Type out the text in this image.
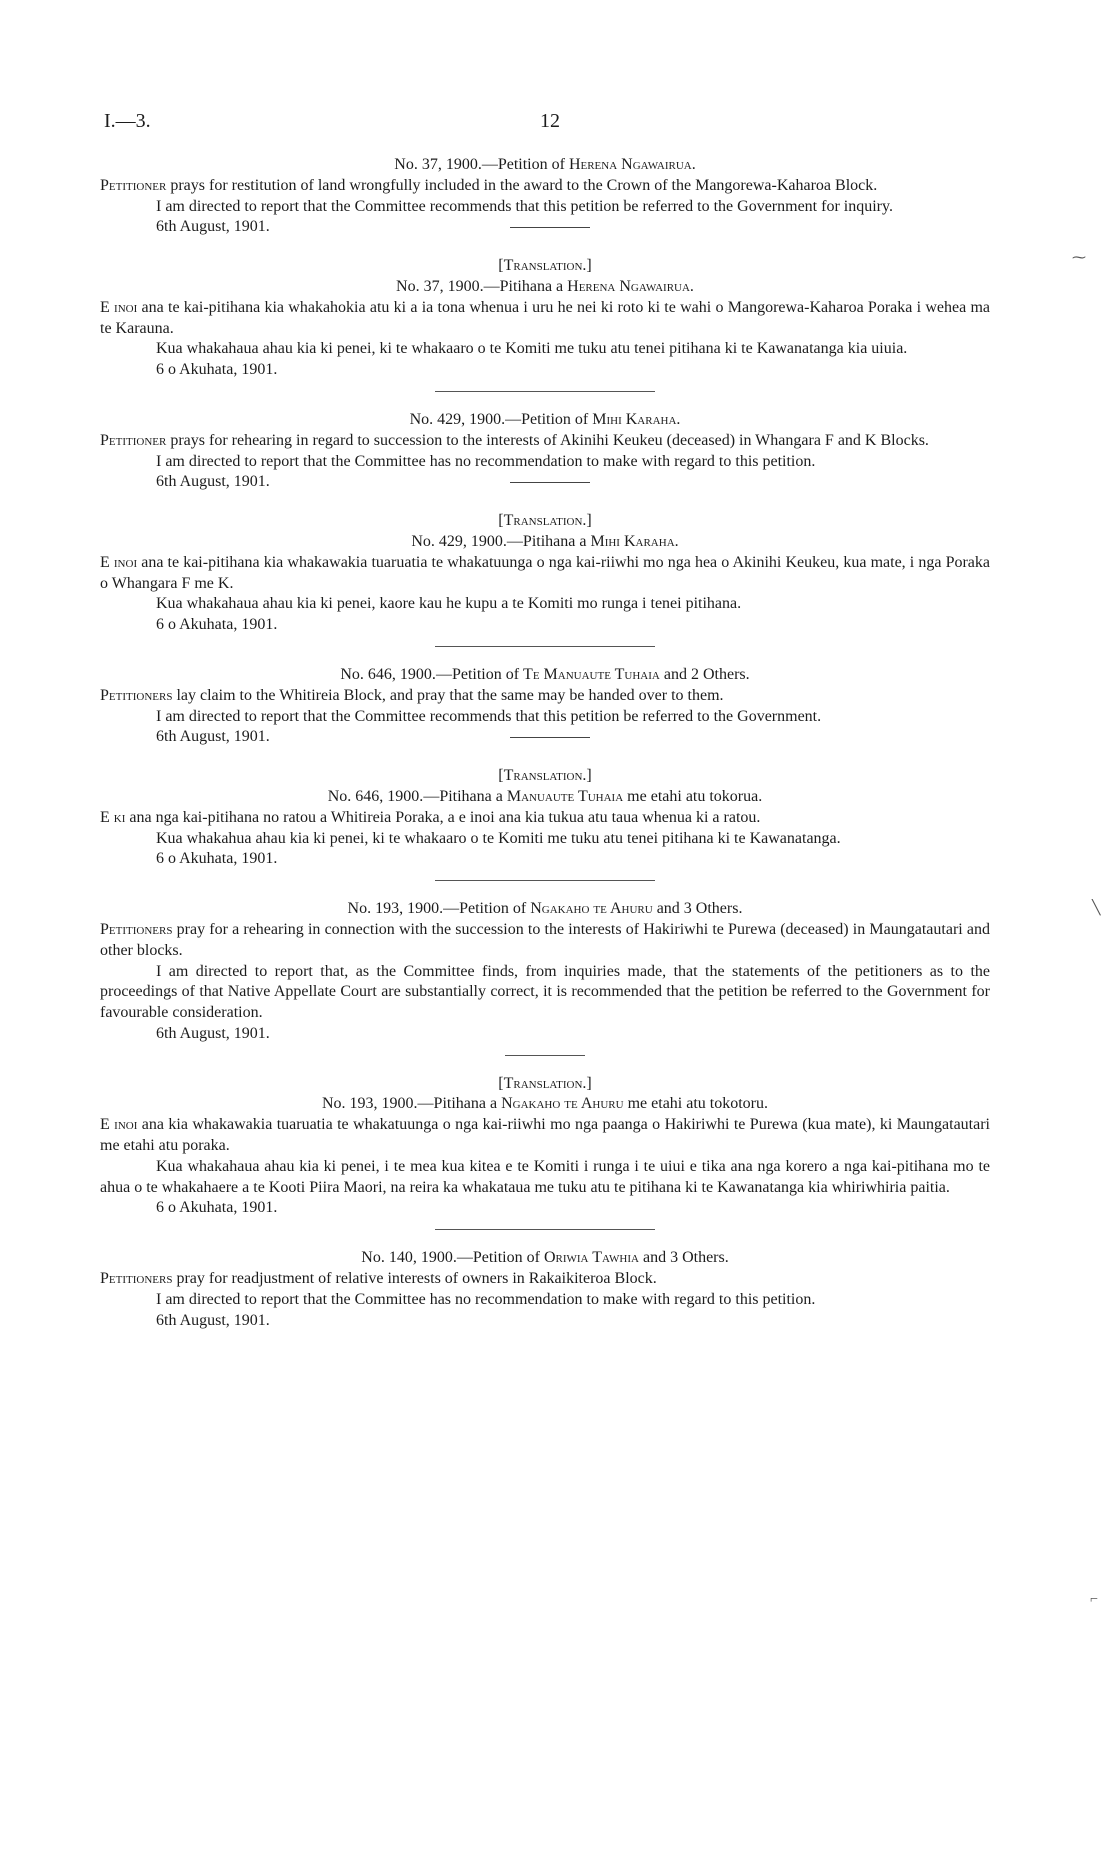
I.—3.	12

No. 37, 1900.—Petition of Herena Ngawairua.

Petitioner prays for restitution of land wrongfully included in the award to the Crown of the Mangorewa-Kaharoa Block.

I am directed to report that the Committee recommends that this petition be referred to the Government for inquiry.

6th August, 1901.

[Translation.]

No. 37, 1900.—Pitihana a Herena Ngawairua.

E inoi ana te kai-pitihana kia whakahokia atu ki a ia tona whenua i uru he nei ki roto ki te wahi o Mangorewa-Kaharoa Poraka i wehea ma te Karauna.

Kua whakahaua ahau kia ki penei, ki te whakaaro o te Komiti me tuku atu tenei pitihana ki te Kawanatanga kia uiuia.

6 o Akuhata, 1901.

No. 429, 1900.—Petition of Mihi Karaha.

Petitioner prays for rehearing in regard to succession to the interests of Akinihi Keukeu (deceased) in Whangara F and K Blocks.

I am directed to report that the Committee has no recommendation to make with regard to this petition.

6th August, 1901.

[Translation.]

No. 429, 1900.—Pitihana a Mihi Karaha.

E inoi ana te kai-pitihana kia whakawakia tuaruatia te whakatuunga o nga kai-riiwhi mo nga hea o Akinihi Keukeu, kua mate, i nga Poraka o Whangara F me K.

Kua whakahaua ahau kia ki penei, kaore kau he kupu a te Komiti mo runga i tenei pitihana.

6 o Akuhata, 1901.

No. 646, 1900.—Petition of Te Manuaute Tuhaia and 2 Others.

Petitioners lay claim to the Whitireia Block, and pray that the same may be handed over to them.

I am directed to report that the Committee recommends that this petition be referred to the Government.

6th August, 1901.

[Translation.]

No. 646, 1900.—Pitihana a Manuaute Tuhaia me etahi atu tokorua.

E ki ana nga kai-pitihana no ratou a Whitireia Poraka, a e inoi ana kia tukua atu taua whenua ki a ratou.

Kua whakahua ahau kia ki penei, ki te whakaaro o te Komiti me tuku atu tenei pitihana ki te Kawanatanga.

6 o Akuhata, 1901.

No. 193, 1900.—Petition of Ngakaho te Ahuru and 3 Others.

Petitioners pray for a rehearing in connection with the succession to the interests of Hakiriwhi te Purewa (deceased) in Maungatautari and other blocks.

I am directed to report that, as the Committee finds, from inquiries made, that the statements of the petitioners as to the proceedings of that Native Appellate Court are substantially correct, it is recommended that the petition be referred to the Government for favourable consideration.

6th August, 1901.

[Translation.]

No. 193, 1900.—Pitihana a Ngakaho te Ahuru me etahi atu tokotoru.

E inoi ana kia whakawakia tuaruatia te whakatuunga o nga kai-riiwhi mo nga paanga o Hakiriwhi te Purewa (kua mate), ki Maungatautari me etahi atu poraka.

Kua whakahaua ahau kia ki penei, i te mea kua kitea e te Komiti i runga i te uiui e tika ana nga korero a nga kai-pitihana mo te ahua o te whakahaere a te Kooti Piira Maori, na reira ka whakataua me tuku atu te pitihana ki te Kawanatanga kia whiriwhiria paitia.

6 o Akuhata, 1901.

No. 140, 1900.—Petition of Oriwia Tawhia and 3 Others.

Petitioners pray for readjustment of relative interests of owners in Rakaikiteroa Block.

I am directed to report that the Committee has no recommendation to make with regard to this petition.

6th August, 1901.

⁓
╲
⌐
